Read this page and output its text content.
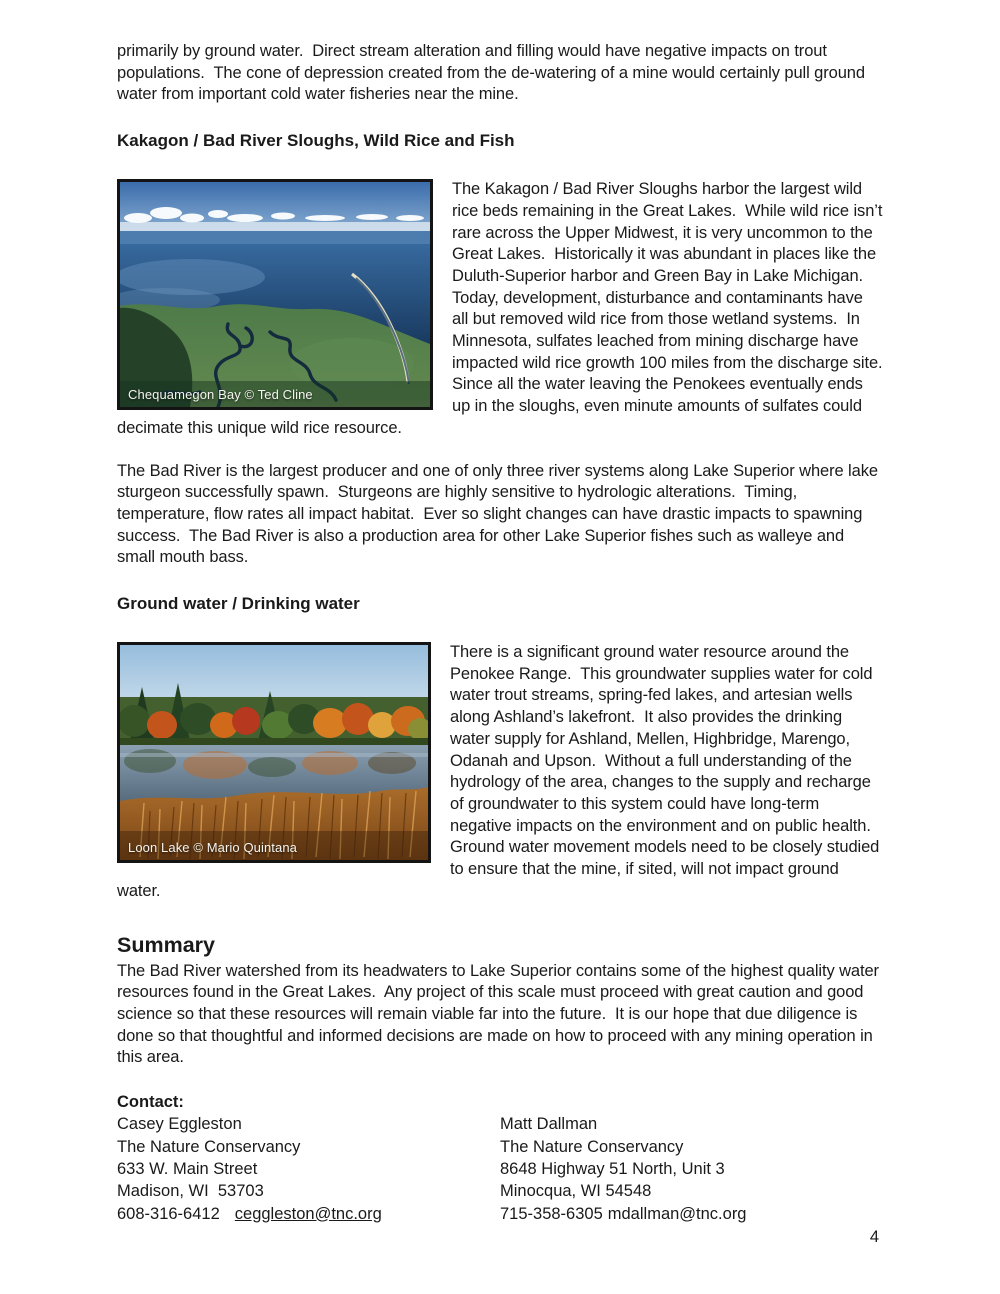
primarily by ground water.  Direct stream alteration and filling would have negative impacts on trout populations.  The cone of depression created from the de-watering of a mine would certainly pull ground water from important cold water fisheries near the mine.

Kakagon / Bad River Sloughs, Wild Rice and Fish
Chequamegon Bay © Ted Cline

The Kakagon / Bad River Sloughs harbor the largest wild rice beds remaining in the Great Lakes.  While wild rice isn’t rare across the Upper Midwest, it is very uncommon to the Great Lakes.  Historically it was abundant in places like the Duluth-Superior harbor and Green Bay in Lake Michigan.  Today, development, disturbance and contaminants have all but removed wild rice from those wetland systems.  In Minnesota, sulfates leached from mining discharge have impacted wild rice growth 100 miles from the discharge site.  Since all the water leaving the Penokees eventually ends up in the sloughs, even minute amounts of sulfates could decimate this unique wild rice resource.

The Bad River is the largest producer and one of only three river systems along Lake Superior where lake sturgeon successfully spawn.  Sturgeons are highly sensitive to hydrologic alterations.  Timing, temperature, flow rates all impact habitat.  Ever so slight changes can have drastic impacts to spawning success.  The Bad River is also a production area for other Lake Superior fishes such as walleye and small mouth bass.

Ground water / Drinking water
Loon Lake © Mario Quintana

There is a significant ground water resource around the Penokee Range.  This groundwater supplies water for cold water trout streams, spring-fed lakes, and artesian wells along Ashland’s lakefront.  It also provides the drinking water supply for Ashland, Mellen, Highbridge, Marengo, Odanah and Upson.  Without a full understanding of the hydrology of the area, changes to the supply and recharge of groundwater to this system could have long-term negative impacts on the environment and on public health.  Ground water movement models need to be closely studied to ensure that the mine, if sited, will not impact ground water.

Summary

The Bad River watershed from its headwaters to Lake Superior contains some of the highest quality water resources found in the Great Lakes.  Any project of this scale must proceed with great caution and good science so that these resources will remain viable far into the future.  It is our hope that due diligence is done so that thoughtful and informed decisions are made on how to proceed with any mining operation in this area.

Contact:

Casey Eggleston
The Nature Conservancy
633 W. Main Street
Madison, WI  53703
608-316-6412 ceggleston@tnc.org
Matt Dallman
The Nature Conservancy
8648 Highway 51 North, Unit 3
Minocqua, WI 54548
715-358-6305 mdallman@tnc.org
4
